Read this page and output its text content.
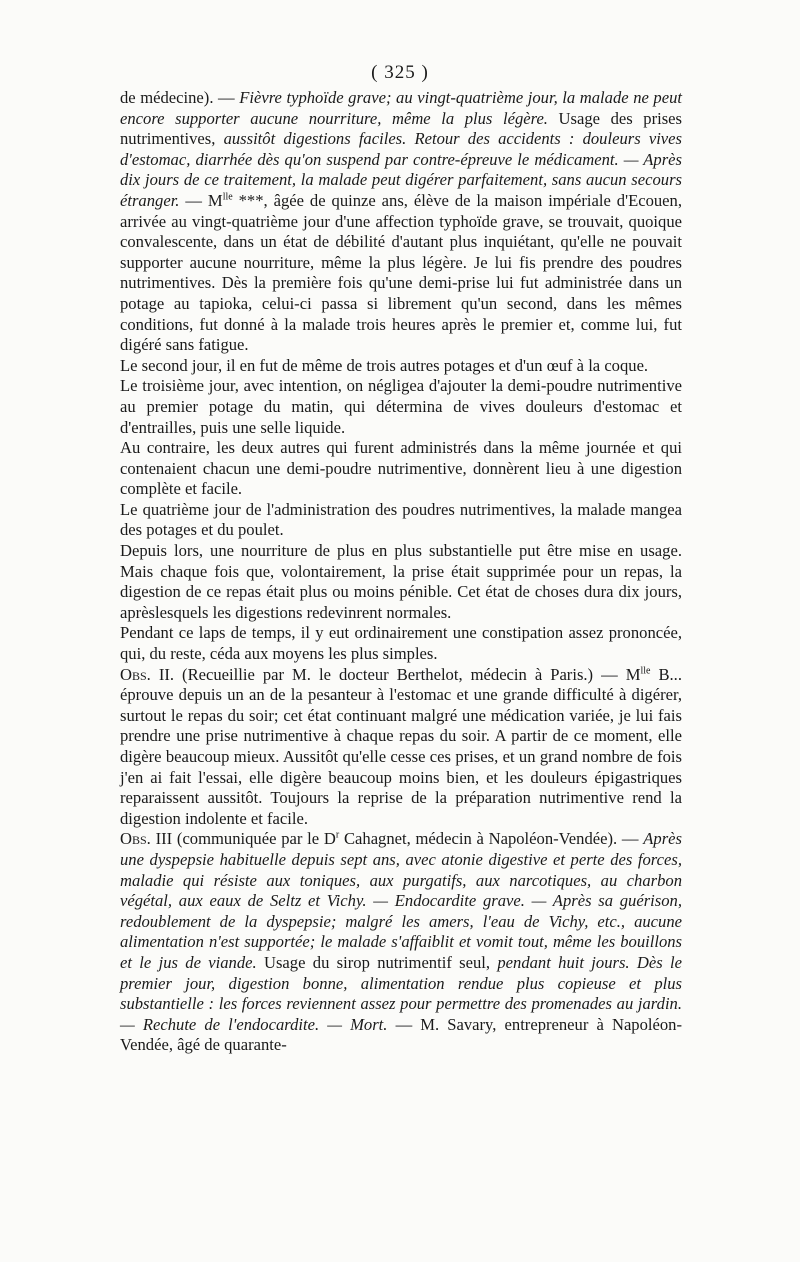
( 325 )

de médecine). — Fièvre typhoïde grave; au vingt-quatrième jour, la malade ne peut encore supporter aucune nourriture, même la plus légère. Usage des prises nutrimentives, aussitôt digestions faciles. Retour des accidents : douleurs vives d'estomac, diarrhée dès qu'on suspend par contre-épreuve le médicament. — Après dix jours de ce traitement, la malade peut digérer parfaitement, sans aucun secours étranger. — $M^{lle}$ ***, âgée de quinze ans, élève de la maison impériale d'Ecouen, arrivée au vingt-quatrième jour d'une affection typhoïde grave, se trouvait, quoique convalescente, dans un état de débilité d'autant plus inquiétant, qu'elle ne pouvait supporter aucune nourriture, même la plus légère. Je lui fis prendre des poudres nutrimentives. Dès la première fois qu'une demi-prise lui fut administrée dans un potage au tapioka, celui-ci passa si librement qu'un second, dans les mêmes conditions, fut donné à la malade trois heures après le premier et, comme lui, fut digéré sans fatigue.

Le second jour, il en fut de même de trois autres potages et d'un œuf à la coque.

Le troisième jour, avec intention, on négligea d'ajouter la demi-poudre nutrimentive au premier potage du matin, qui détermina de vives douleurs d'estomac et d'entrailles, puis une selle liquide.

Au contraire, les deux autres qui furent administrés dans la même journée et qui contenaient chacun une demi-poudre nutrimentive, donnèrent lieu à une digestion complète et facile.

Le quatrième jour de l'administration des poudres nutrimentives, la malade mangea des potages et du poulet.

Depuis lors, une nourriture de plus en plus substantielle put être mise en usage. Mais chaque fois que, volontairement, la prise était supprimée pour un repas, la digestion de ce repas était plus ou moins pénible. Cet état de choses dura dix jours, aprèslesquels les digestions redevinrent normales.

Pendant ce laps de temps, il y eut ordinairement une constipation assez prononcée, qui, du reste, céda aux moyens les plus simples.

Obs. II. (Recueillie par M. le docteur Berthelot, médecin à Paris.) — $M^{lle}$ B... éprouve depuis un an de la pesanteur à l'estomac et une grande difficulté à digérer, surtout le repas du soir; cet état continuant malgré une médication variée, je lui fais prendre une prise nutrimentive à chaque repas du soir. A partir de ce moment, elle digère beaucoup mieux. Aussitôt qu'elle cesse ces prises, et un grand nombre de fois j'en ai fait l'essai, elle digère beaucoup moins bien, et les douleurs épigastriques reparaissent aussitôt. Toujours la reprise de la préparation nutrimentive rend la digestion indolente et facile.

Obs. III (communiquée par le $D^r$ Cahagnet, médecin à Napoléon-Vendée). — Après une dyspepsie habituelle depuis sept ans, avec atonie digestive et perte des forces, maladie qui résiste aux toniques, aux purgatifs, aux narcotiques, au charbon végétal, aux eaux de Seltz et Vichy. — Endocardite grave. — Après sa guérison, redoublement de la dyspepsie; malgré les amers, l'eau de Vichy, etc., aucune alimentation n'est supportée; le malade s'affaiblit et vomit tout, même les bouillons et le jus de viande. Usage du sirop nutrimentif seul, pendant huit jours. Dès le premier jour, digestion bonne, alimentation rendue plus copieuse et plus substantielle : les forces reviennent assez pour permettre des promenades au jardin. — Rechute de l'endocardite. — Mort. — M. Savary, entrepreneur à Napoléon-Vendée, âgé de quarante-
